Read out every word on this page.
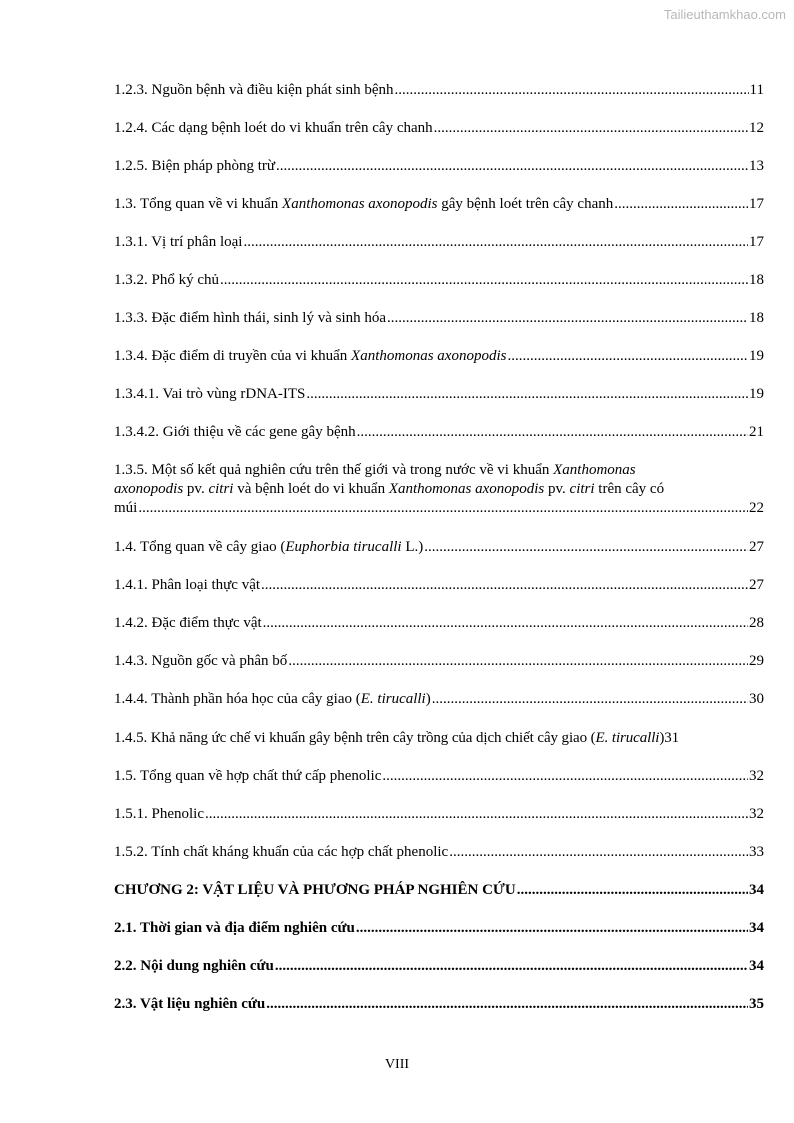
Tailieuthamkhao.com
1.2.3. Nguồn bệnh và điều kiện phát sinh bệnh .....	11
1.2.4. Các dạng bệnh loét do vi khuẩn trên cây chanh .....	12
1.2.5. Biện pháp phòng trừ .....	13
1.3. Tổng quan về vi khuẩn Xanthomonas axonopodis gây bệnh loét trên cây chanh .....	17
1.3.1. Vị trí phân loại .....	17
1.3.2. Phổ ký chủ .....	18
1.3.3. Đặc điểm hình thái, sinh lý và sinh hóa .....	18
1.3.4. Đặc điểm di truyền của vi khuẩn Xanthomonas axonopodis .....	19
1.3.4.1. Vai trò vùng rDNA-ITS .....	19
1.3.4.2. Giới thiệu về các gene gây bệnh .....	21
1.3.5. Một số kết quả nghiên cứu trên thế giới và trong nước về vi khuẩn Xanthomonas
axonopodis pv. citri và bệnh loét do vi khuẩn Xanthomonas axonopodis pv. citri trên cây có
múi .....	22
1.4. Tổng quan về cây giao (Euphorbia tirucalli L.) .....	27
1.4.1. Phân loại thực vật .....	27
1.4.2. Đặc điểm thực vật .....	28
1.4.3. Nguồn gốc và phân bố .....	29
1.4.4. Thành phần hóa học của cây giao (E. tirucalli) .....	30
1.4.5. Khả năng ức chế vi khuẩn gây bệnh trên cây trồng của dịch chiết cây giao (E. tirucalli) 31
1.5. Tổng quan về hợp chất thứ cấp phenolic .....	32
1.5.1. Phenolic .....	32
1.5.2. Tính chất kháng khuẩn của các hợp chất phenolic .....	33
CHƯƠNG 2: VẬT LIỆU VÀ PHƯƠNG PHÁP NGHIÊN CỨU .....	34
2.1. Thời gian và địa điểm nghiên cứu .....	34
2.2. Nội dung nghiên cứu .....	34
2.3. Vật liệu nghiên cứu .....	35
VIII
